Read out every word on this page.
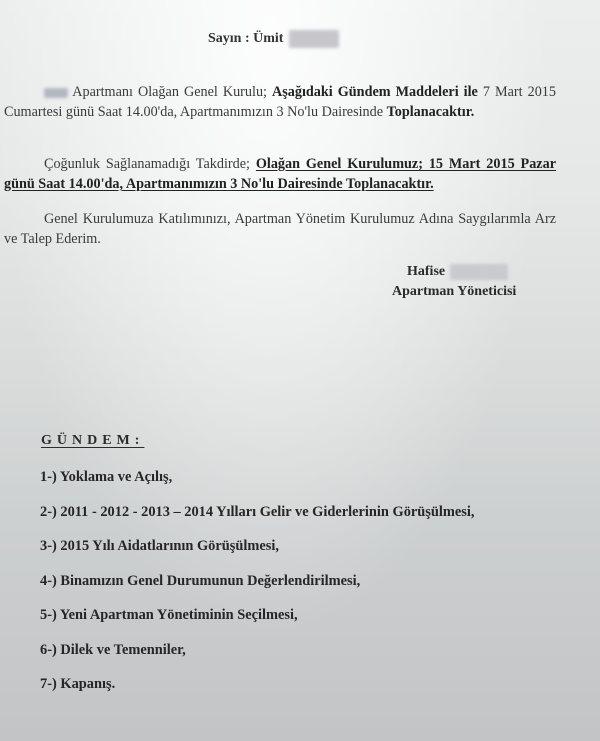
Sayın : Ümit
Apartmanı Olağan Genel Kurulu; Aşağıdaki Gündem Maddeleri ile 7 Mart 2015 Cumartesi günü Saat 14.00'da, Apartmanımızın 3 No'lu Dairesinde Toplanacaktır.
Çoğunluk Sağlanamadığı Takdirde; Olağan Genel Kurulumuz; 15 Mart 2015 Pazar günü Saat 14.00'da, Apartmanımızın 3 No'lu Dairesinde Toplanacaktır.
Genel Kurulumuza Katılımınızı, Apartman Yönetim Kurulumuz Adına Saygılarımla Arz ve Talep Ederim.
Hafise
Apartman Yöneticisi
GÜNDEM:
1-) Yoklama ve Açılış,
2-) 2011 - 2012 - 2013 – 2014 Yılları Gelir ve Giderlerinin Görüşülmesi,
3-) 2015 Yılı Aidatlarının Görüşülmesi,
4-) Binamızın Genel Durumunun Değerlendirilmesi,
5-) Yeni Apartman Yönetiminin Seçilmesi,
6-) Dilek ve Temenniler,
7-) Kapanış.
